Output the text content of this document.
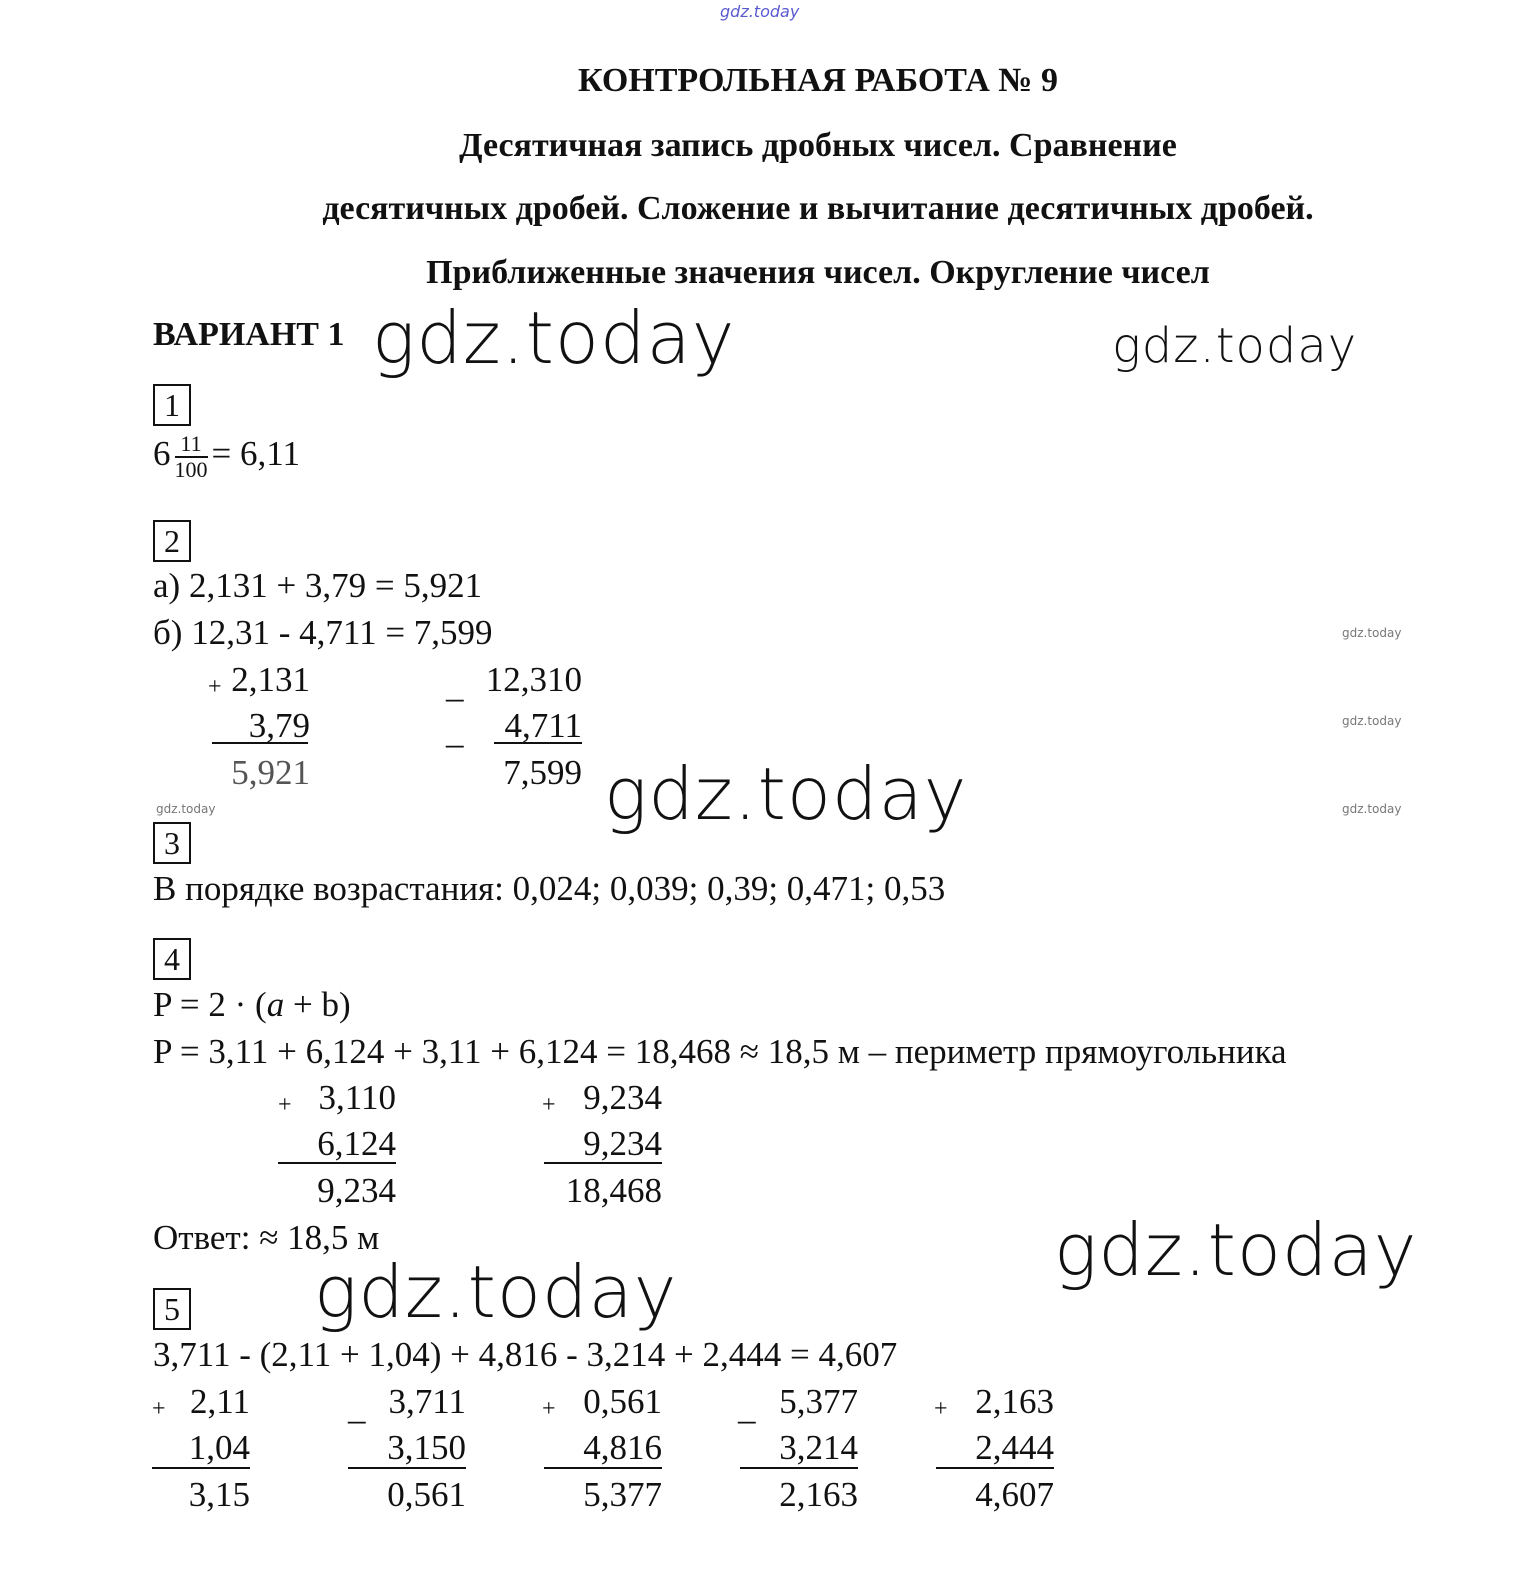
gdz.today
КОНТРОЛЬНАЯ РАБОТА № 9
Десятичная запись дробных чисел. Сравнение
десятичных дробей. Сложение и вычитание десятичных дробей.
Приближенные значения чисел. Округление чисел
ВАРИАНТ 1 gdz.today	gdz.today
gdz.today
gdz.today
gdz.today
gdz.today
gdz.today
gdz.today
gdz.today
1
$6 \frac{11}{100} = 6,11$
2
а) 2,131 + 3,79 = 5,921
б) 12,31 - 4,711 = 7,599
+ 2,131
3,79
5,921
_
_
12,310
4,711
7,599
3
В порядке возрастания: 0,024; 0,039; 0,39; 0,471; 0,53
4
P = 2 · (a + b)
P = 3,11 + 6,124 + 3,11 + 6,124 = 18,468 ≈ 18,5 м – периметр прямоугольника
+ 3,110
6,124
9,234
+ 9,234
9,234
18,468
Ответ: ≈ 18,5 м
5
3,711 - (2,11 + 1,04) + 4,816 - 3,214 + 2,444 = 4,607
+ 2,11
1,04
3,15
_ 3,711
3,150
0,561
+ 0,561
4,816
5,377
_ 5,377
3,214
2,163
+ 2,163
2,444
4,607
